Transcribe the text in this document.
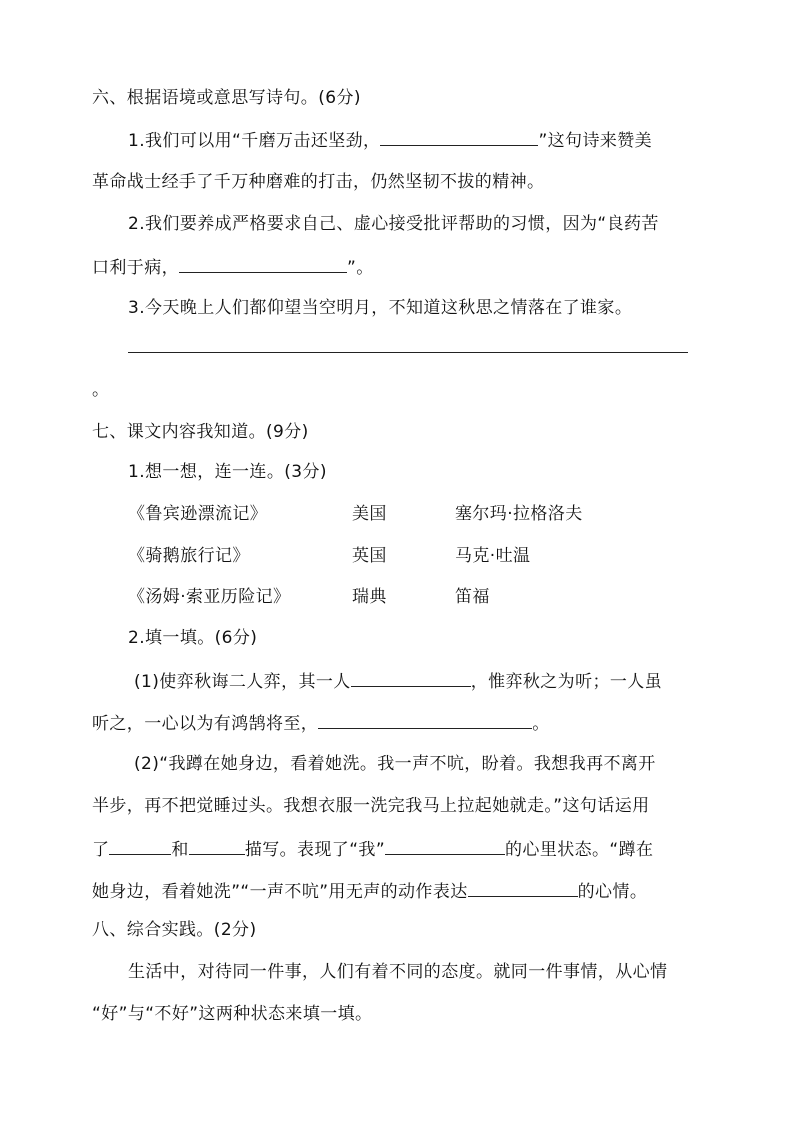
六、根据语境或意思写诗句。(6分)
1.我们可以用“千磨万击还坚劲，	”这句诗来赞美
革命战士经手了千万种磨难的打击，仍然坚韧不拔的精神。
2.我们要养成严格要求自己、虚心接受批评帮助的习惯，因为“良药苦
口利于病，	”。
3.今天晚上人们都仰望当空明月，不知道这秋思之情落在了谁家。
。
七、课文内容我知道。(9分)
1.想一想，连一连。(3分)
《鲁宾逊漂流记》	美国	塞尔玛·拉格洛夫
《骑鹅旅行记》	英国	马克·吐温
《汤姆·索亚历险记》	瑞典	笛福
2.填一填。(6分)
(1)使弈秋诲二人弈，其一人	，惟弈秋之为听；一人虽
听之，一心以为有鸿鹄将至，	。
(2)“我蹲在她身边，看着她洗。我一声不吭，盼着。我想我再不离开
半步，再不把觉睡过头。我想衣服一洗完我马上拉起她就走。”这句话运用
了	和	描写。表现了“我”	的心里状态。“蹲在
她身边，看着她洗”“一声不吭”用无声的动作表达	的心情。
八、综合实践。(2分)
生活中，对待同一件事，人们有着不同的态度。就同一件事情，从心情
“好”与“不好”这两种状态来填一填。
